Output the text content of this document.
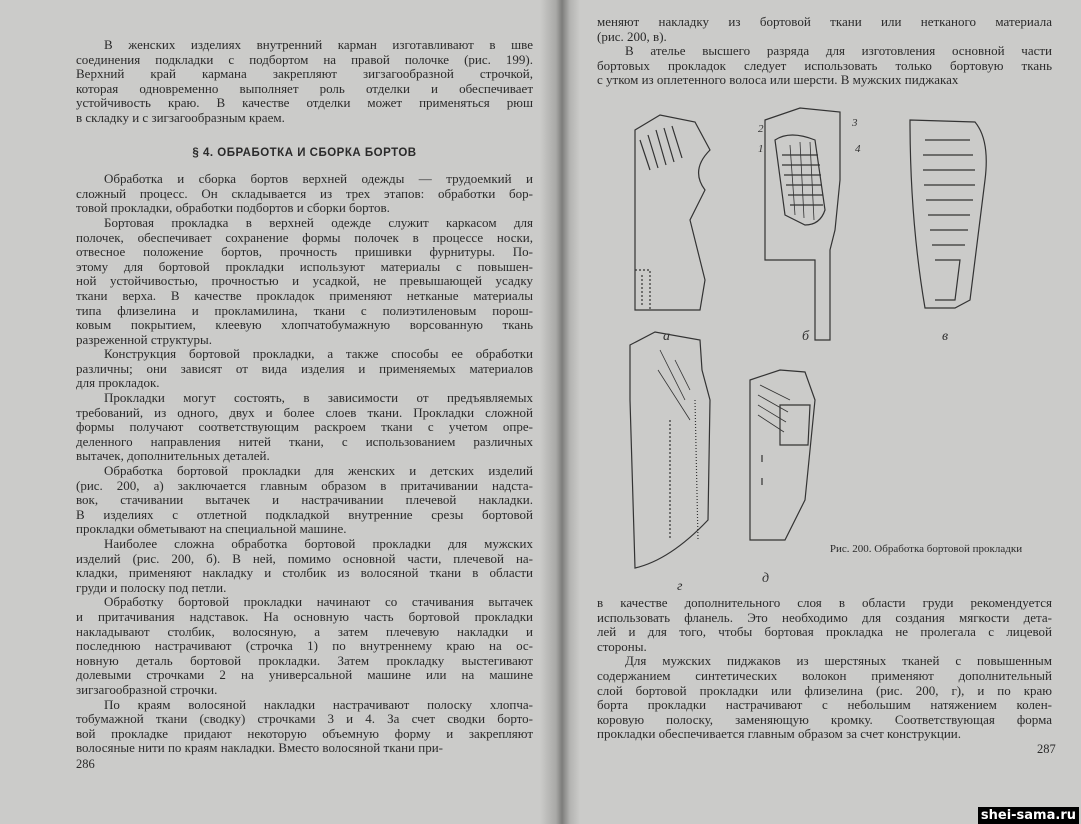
В женских изделиях внутренний карман изготавливают в шве
соединения подкладки с подбортом на правой полочке (рис. 199).
Верхний край кармана закрепляют зигзагообразной строчкой,
которая одновременно выполняет роль отделки и обеспечивает
устойчивость краю. В качестве отделки может применяться рюш
в складку и с зигзагообразным краем.
§ 4. ОБРАБОТКА И СБОРКА БОРТОВ
Обработка и сборка бортов верхней одежды — трудоемкий и
сложный процесс. Он складывается из трех этапов: обработки бор-
товой прокладки, обработки подбортов и сборки бортов.
Бортовая прокладка в верхней одежде служит каркасом для
полочек, обеспечивает сохранение формы полочек в процессе носки,
отвесное положение бортов, прочность пришивки фурнитуры. По-
этому для бортовой прокладки используют материалы с повышен-
ной устойчивостью, прочностью и усадкой, не превышающей усадку
ткани верха. В качестве прокладок применяют нетканые материалы
типа флизелина и прокламилина, ткани с полиэтиленовым порош-
ковым покрытием, клеевую хлопчатобумажную ворсованную ткань
разреженной структуры.
Конструкция бортовой прокладки, а также способы ее обработки
различны; они зависят от вида изделия и применяемых материалов
для прокладок.
Прокладки могут состоять, в зависимости от предъявляемых
требований, из одного, двух и более слоев ткани. Прокладки сложной
формы получают соответствующим раскроем ткани с учетом опре-
деленного направления нитей ткани, с использованием различных
вытачек, дополнительных деталей.
Обработка бортовой прокладки для женских и детских изделий
(рис. 200, а) заключается главным образом в притачивании надста-
вок, стачивании вытачек и настрачивании плечевой накладки.
В изделиях с отлетной подкладкой внутренние срезы бортовой
прокладки обметывают на специальной машине.
Наиболее сложна обработка бортовой прокладки для мужских
изделий (рис. 200, б). В ней, помимо основной части, плечевой на-
кладки, применяют накладку и столбик из волосяной ткани в области
груди и полоску под петли.
Обработку бортовой прокладки начинают со стачивания вытачек
и притачивания надставок. На основную часть бортовой прокладки
накладывают столбик, волосяную, а затем плечевую накладки и
последнюю настрачивают (строчка 1) по внутреннему краю на ос-
новную деталь бортовой прокладки. Затем прокладку выстегивают
долевыми строчками 2 на универсальной машине или на машине
зигзагообразной строчки.
По краям волосяной накладки настрачивают полоску хлопча-
тобумажной ткани (сводку) строчками 3 и 4. За счет сводки борто-
вой прокладке придают некоторую объемную форму и закрепляют
волосяные нити по краям накладки. Вместо волосяной ткани при-
286
меняют накладку из бортовой ткани или нетканого материала
(рис. 200, в).
В ателье высшего разряда для изготовления основной части
бортовых прокладок следует использовать только бортовую ткань
с утком из оплетенного волоса или шерсти. В мужских пиджаках
а	б	в
г
д
1
2	3
4
Рис. 200. Обработка бортовой прокладки
в качестве дополнительного слоя в области груди рекомендуется
использовать фланель. Это необходимо для создания мягкости дета-
лей и для того, чтобы бортовая прокладка не пролегала с лицевой
стороны.
Для мужских пиджаков из шерстяных тканей с повышенным
содержанием синтетических волокон применяют дополнительный
слой бортовой прокладки или флизелина (рис. 200, г), и по краю
борта прокладки настрачивают с небольшим натяжением колен-
коровую полоску, заменяющую кромку. Соответствующая форма
прокладки обеспечивается главным образом за счет конструкции.
287
shei-sama.ru
